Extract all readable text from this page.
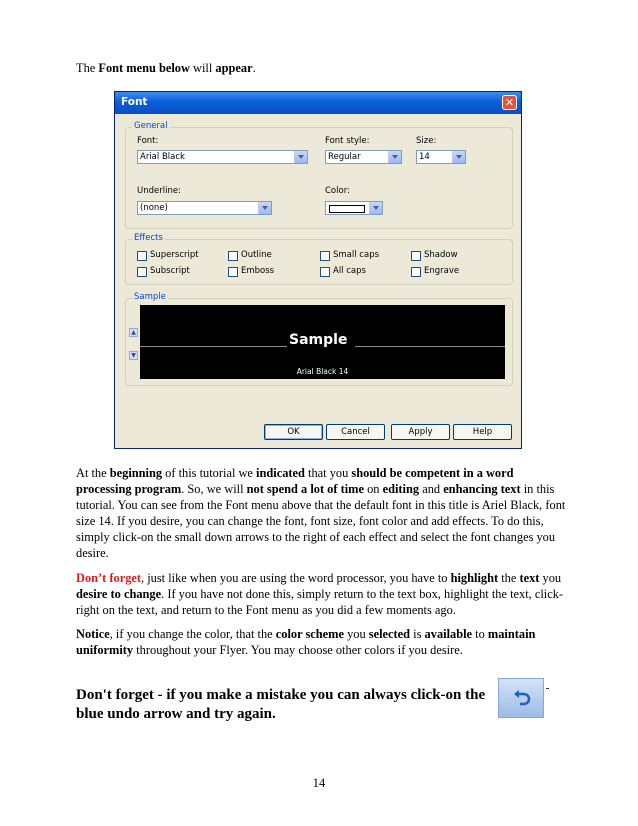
The Font menu below will appear.

Font	✕
General
Font:
Arial Black
Font style:
Regular
Size:
14
Underline:
(none)
Color:
Effects
Superscript	Outline	Small caps	Shadow
Subscript	Emboss	All caps	Engrave
Sample
▲
▼
Sample
Arial Black 14
OK	Cancel	Apply	Help

At the beginning of this tutorial we indicated that you should be competent in a word processing program. So, we will not spend a lot of time on editing and enhancing text in this tutorial. You can see from the Font menu above that the default font in this title is Ariel Black, font size 14. If you desire, you can change the font, font size, font color and add effects. To do this, simply click-on the small down arrows to the right of each effect and select the font changes you desire.

Don’t forget, just like when you are using the word processor, you have to highlight the text you desire to change. If you have not done this, simply return to the text box, highlight the text, click-right on the text, and return to the Font menu as you did a few moments ago.

Notice, if you change the color, that the color scheme you selected is available to maintain uniformity throughout your Flyer. You may choose other colors if you desire.

Don't forget - if you make a mistake you can always click-on the blue undo arrow and try again.

14
